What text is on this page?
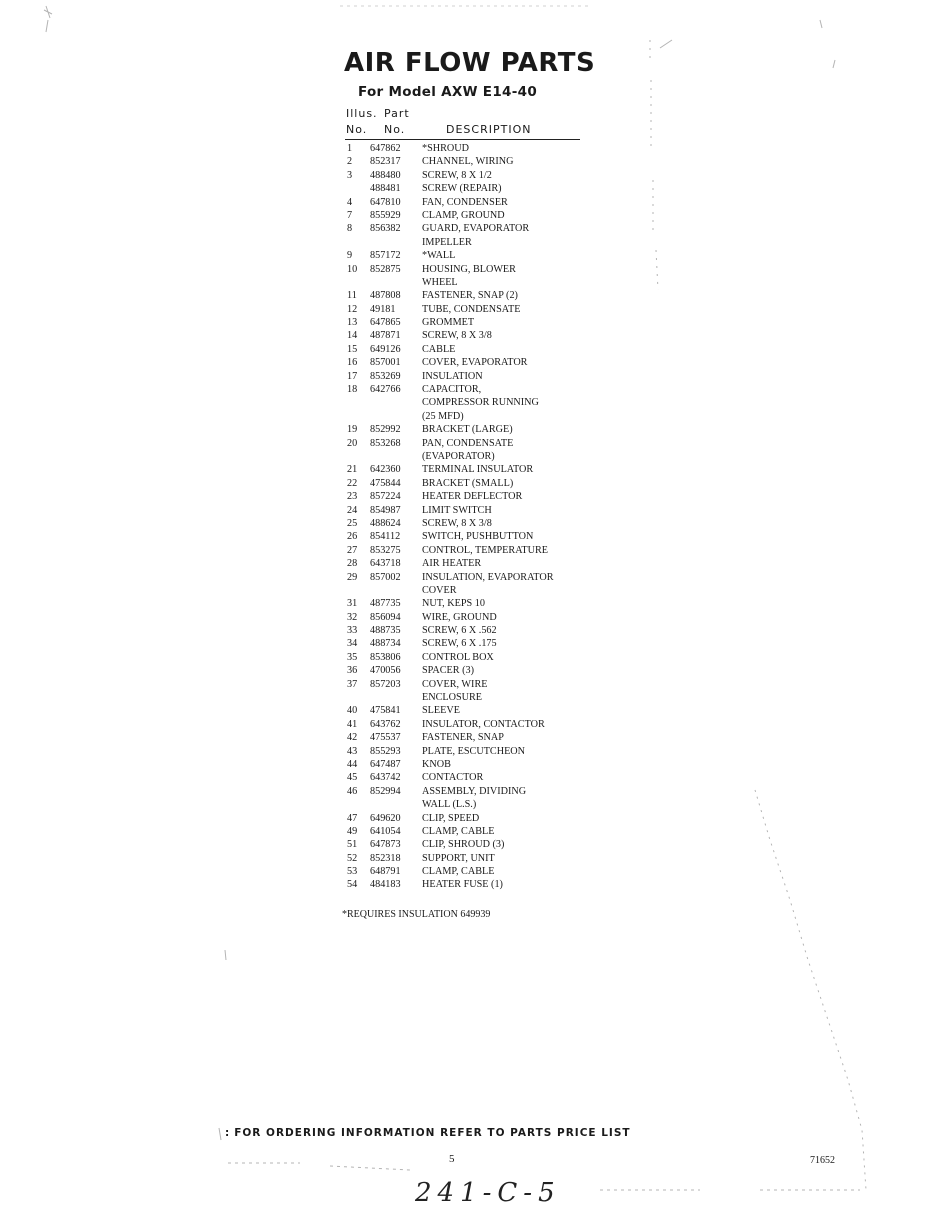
AIR FLOW PARTS
For Model AXW E14-40
Illus. Part
No. No.	DESCRIPTION
1 647862 *SHROUD
2 852317 CHANNEL, WIRING
3 488480 SCREW, 8 X 1/2
488481 SCREW (REPAIR)
4 647810 FAN, CONDENSER
7 855929 CLAMP, GROUND
8 856382 GUARD, EVAPORATOR
IMPELLER
9 857172 *WALL
10 852875 HOUSING, BLOWER
WHEEL
11 487808 FASTENER, SNAP (2)
12 49181	TUBE, CONDENSATE
13 647865 GROMMET
14 487871 SCREW, 8 X 3/8
15 649126 CABLE
16 857001 COVER, EVAPORATOR
17 853269 INSULATION
18 642766 CAPACITOR,
COMPRESSOR RUNNING
(25 MFD)
19 852992 BRACKET (LARGE)
20 853268 PAN, CONDENSATE
(EVAPORATOR)
21 642360 TERMINAL INSULATOR
22 475844 BRACKET (SMALL)
23 857224 HEATER DEFLECTOR
24 854987 LIMIT SWITCH
25 488624 SCREW, 8 X 3/8
26 854112 SWITCH, PUSHBUTTON
27 853275 CONTROL, TEMPERATURE
28 643718 AIR HEATER
29 857002 INSULATION, EVAPORATOR
COVER
31 487735 NUT, KEPS 10
32 856094 WIRE, GROUND
33 488735 SCREW, 6 X .562
34 488734 SCREW, 6 X .175
35 853806 CONTROL BOX
36 470056 SPACER (3)
37 857203 COVER, WIRE
ENCLOSURE
40 475841 SLEEVE
41 643762 INSULATOR, CONTACTOR
42 475537 FASTENER, SNAP
43 855293 PLATE, ESCUTCHEON
44 647487 KNOB
45 643742 CONTACTOR
46 852994 ASSEMBLY, DIVIDING
WALL (L.S.)
47 649620 CLIP, SPEED
49 641054 CLAMP, CABLE
51 647873 CLIP, SHROUD (3)
52 852318 SUPPORT, UNIT
53 648791 CLAMP, CABLE
54 484183 HEATER FUSE (1)
*REQUIRES INSULATION 649939
: FOR ORDERING INFORMATION REFER TO PARTS PRICE LIST
5	71652
241-C-5
